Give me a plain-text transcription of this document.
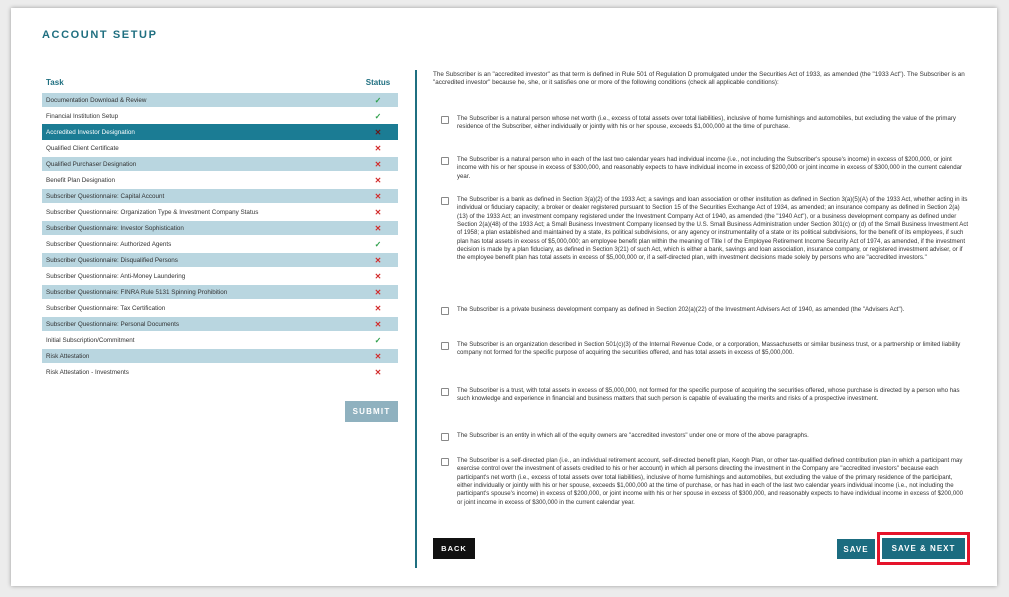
ACCOUNT SETUP
Task	Status
Documentation Download & Review	✓
Financial Institution Setup	✓
Accredited Investor Designation	✕
Qualified Client Certificate	✕
Qualified Purchaser Designation	✕
Benefit Plan Designation	✕
Subscriber Questionnaire: Capital Account	✕
Subscriber Questionnaire: Organization Type & Investment Company Status	✕
Subscriber Questionnaire: Investor Sophistication	✕
Subscriber Questionnaire: Authorized Agents	✓
Subscriber Questionnaire: Disqualified Persons	✕
Subscriber Questionnaire: Anti-Money Laundering	✕
Subscriber Questionnaire: FINRA Rule 5131 Spinning Prohibition	✕
Subscriber Questionnaire: Tax Certification	✕
Subscriber Questionnaire: Personal Documents	✕
Initial Subscription/Commitment	✓
Risk Attestation	✕
Risk Attestation - Investments	✕
SUBMIT
The Subscriber is an "accredited investor" as that term is defined in Rule 501 of Regulation D promulgated under the Securities Act of 1933, as amended (the "1933 Act"). The Subscriber is an "accredited investor" because he, she, or it satisfies one or more of the following conditions (check all applicable conditions):
The Subscriber is a natural person whose net worth (i.e., excess of total assets over total liabilities), inclusive of home furnishings and automobiles, but excluding the value of the primary residence of the Subscriber, either individually or jointly with his or her spouse, exceeds $1,000,000 at the time of purchase.
The Subscriber is a natural person who in each of the last two calendar years had individual income (i.e., not including the Subscriber's spouse's income) in excess of $200,000, or joint income with his or her spouse in excess of $300,000, and reasonably expects to have individual income in excess of $200,000 or joint income in excess of $300,000 in the current calendar year.
The Subscriber is a bank as defined in Section 3(a)(2) of the 1933 Act; a savings and loan association or other institution as defined in Section 3(a)(5)(A) of the 1933 Act, whether acting in its individual or fiduciary capacity; a broker or dealer registered pursuant to Section 15 of the Securities Exchange Act of 1934, as amended; an insurance company as defined in Section 2(a)(13) of the 1933 Act; an investment company registered under the Investment Company Act of 1940, as amended (the "1940 Act"), or a business development company as defined under Section 2(a)(48) of the 1933 Act; a Small Business Investment Company licensed by the U.S. Small Business Administration under Section 301(c) or (d) of the Small Business Investment Act of 1958; a plan established and maintained by a state, its political subdivisions, or any agency or instrumentality of a state or its political subdivisions, for the benefit of its employees, if such plan has total assets in excess of $5,000,000; an employee benefit plan within the meaning of Title I of the Employee Retirement Income Security Act of 1974, as amended, if the investment decision is made by a plan fiduciary, as defined in Section 3(21) of such Act, which is either a bank, savings and loan association, insurance company, or registered investment adviser, or if the employee benefit plan has total assets in excess of $5,000,000 or, if a self-directed plan, with investment decisions made solely by persons who are "accredited investors."
The Subscriber is a private business development company as defined in Section 202(a)(22) of the Investment Advisers Act of 1940, as amended (the "Advisers Act").
The Subscriber is an organization described in Section 501(c)(3) of the Internal Revenue Code, or a corporation, Massachusetts or similar business trust, or a partnership or limited liability company not formed for the specific purpose of acquiring the securities offered, and has total assets in excess of $5,000,000.
The Subscriber is a trust, with total assets in excess of $5,000,000, not formed for the specific purpose of acquiring the securities offered, whose purchase is directed by a person who has such knowledge and experience in financial and business matters that such person is capable of evaluating the merits and risks of a prospective investment.
The Subscriber is an entity in which all of the equity owners are "accredited investors" under one or more of the above paragraphs.
The Subscriber is a self-directed plan (i.e., an individual retirement account, self-directed benefit plan, Keogh Plan, or other tax-qualified defined contribution plan in which a participant may exercise control over the investment of assets credited to his or her account) in which all persons directing the investment in the Company are "accredited investors" because each participant's net worth (i.e., excess of total assets over total liabilities), inclusive of home furnishings and automobiles, but excluding the value of the primary residence of the participant, either individually or jointly with his or her spouse, exceeds $1,000,000 at the time of purchase, or has had in each of the last two calendar years individual income (i.e., not including the participant's spouse's income) in excess of $200,000, or joint income with his or her spouse in excess of $300,000, and reasonably expects to have individual income in excess of $200,000 or joint income in excess of $300,000 in the current calendar year.
BACK	SAVE	SAVE & NEXT
